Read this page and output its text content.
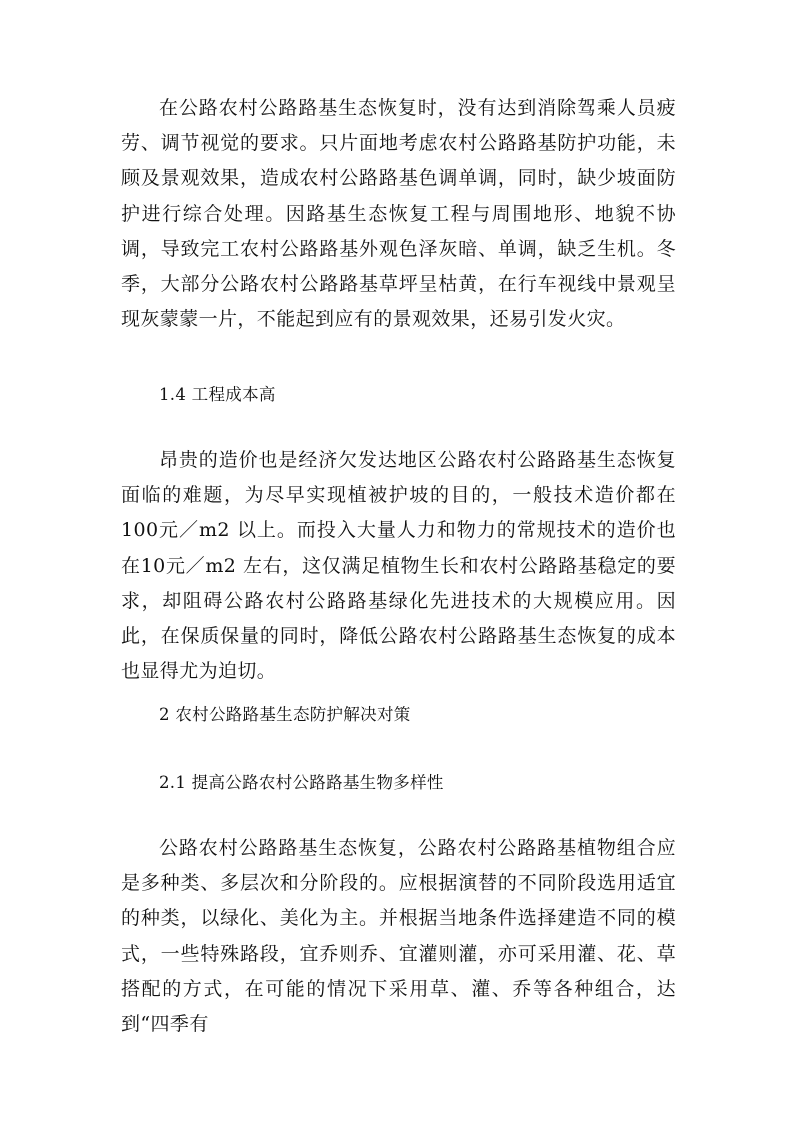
在公路农村公路路基生态恢复时，没有达到消除驾乘人员疲劳、调节视觉的要求。只片面地考虑农村公路路基防护功能，未顾及景观效果，造成农村公路路基色调单调，同时，缺少坡面防护进行综合处理。因路基生态恢复工程与周围地形、地貌不协调，导致完工农村公路路基外观色泽灰暗、单调，缺乏生机。冬季，大部分公路农村公路路基草坪呈枯黄，在行车视线中景观呈现灰蒙蒙一片，不能起到应有的景观效果，还易引发火灾。

1.4 工程成本高

昂贵的造价也是经济欠发达地区公路农村公路路基生态恢复面临的难题，为尽早实现植被护坡的目的，一般技术造价都在100元／m2 以上。而投入大量人力和物力的常规技术的造价也在10元／m2 左右，这仅满足植物生长和农村公路路基稳定的要求，却阻碍公路农村公路路基绿化先进技术的大规模应用。因此，在保质保量的同时，降低公路农村公路路基生态恢复的成本也显得尤为迫切。

2 农村公路路基生态防护解决对策

2.1 提高公路农村公路路基生物多样性

公路农村公路路基生态恢复，公路农村公路路基植物组合应是多种类、多层次和分阶段的。应根据演替的不同阶段选用适宜的种类，以绿化、美化为主。并根据当地条件选择建造不同的模式，一些特殊路段，宜乔则乔、宜灌则灌，亦可采用灌、花、草搭配的方式，在可能的情况下采用草、灌、乔等各种组合，达到“四季有
